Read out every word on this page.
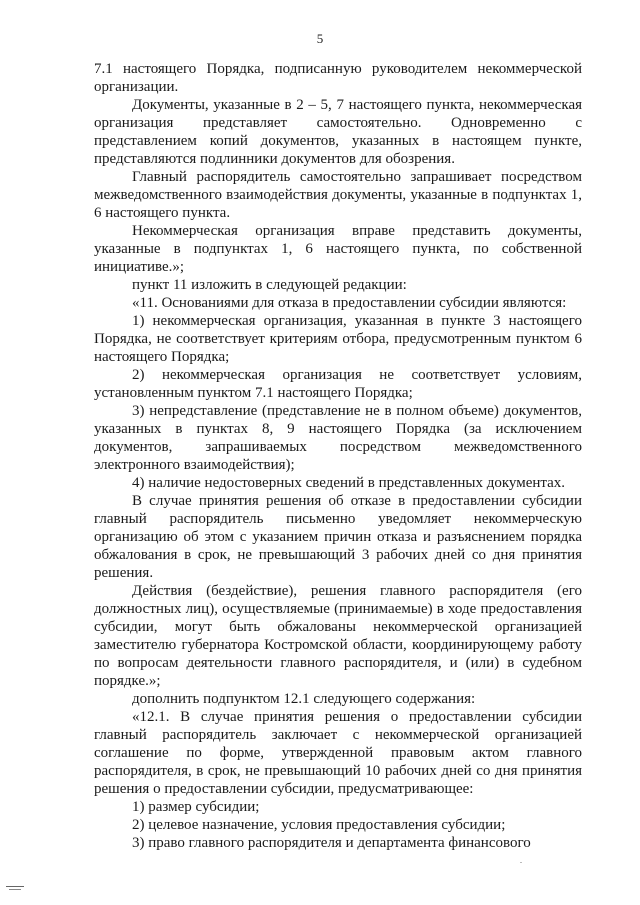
5

7.1 настоящего Порядка, подписанную руководителем некоммерческой организации.

Документы, указанные в 2 – 5, 7 настоящего пункта, некоммерческая организация представляет самостоятельно. Одновременно с представлением копий документов, указанных в настоящем пункте, представляются подлинники документов для обозрения.

Главный распорядитель самостоятельно запрашивает посредством межведомственного взаимодействия документы, указанные в подпунктах 1, 6 настоящего пункта.

Некоммерческая организация вправе представить документы, указанные в подпунктах 1, 6 настоящего пункта, по собственной инициативе.»;

пункт 11 изложить в следующей редакции:

«11. Основаниями для отказа в предоставлении субсидии являются:

1) некоммерческая организация, указанная в пункте 3 настоящего Порядка, не соответствует критериям отбора, предусмотренным пунктом 6 настоящего Порядка;

2) некоммерческая организация не соответствует условиям, установленным пунктом 7.1 настоящего Порядка;

3) непредставление (представление не в полном объеме) документов, указанных в пунктах 8, 9 настоящего Порядка (за исключением документов, запрашиваемых посредством межведомственного электронного взаимодействия);

4) наличие недостоверных сведений в представленных документах.

В случае принятия решения об отказе в предоставлении субсидии главный распорядитель письменно уведомляет некоммерческую организацию об этом с указанием причин отказа и разъяснением порядка обжалования в срок, не превышающий 3 рабочих дней со дня принятия решения.

Действия (бездействие), решения главного распорядителя (его должностных лиц), осуществляемые (принимаемые) в ходе предоставления субсидии, могут быть обжалованы некоммерческой организацией заместителю губернатора Костромской области, координирующему работу по вопросам деятельности главного распорядителя, и (или) в судебном порядке.»;

дополнить подпунктом 12.1 следующего содержания:

«12.1. В случае принятия решения о предоставлении субсидии главный распорядитель заключает с некоммерческой организацией соглашение по форме, утвержденной правовым актом главного распорядителя, в срок, не превышающий 10 рабочих дней со дня принятия решения о предоставлении субсидии, предусматривающее:

1) размер субсидии;

2) целевое назначение, условия предоставления субсидии;

3) право главного распорядителя и департамента финансового
